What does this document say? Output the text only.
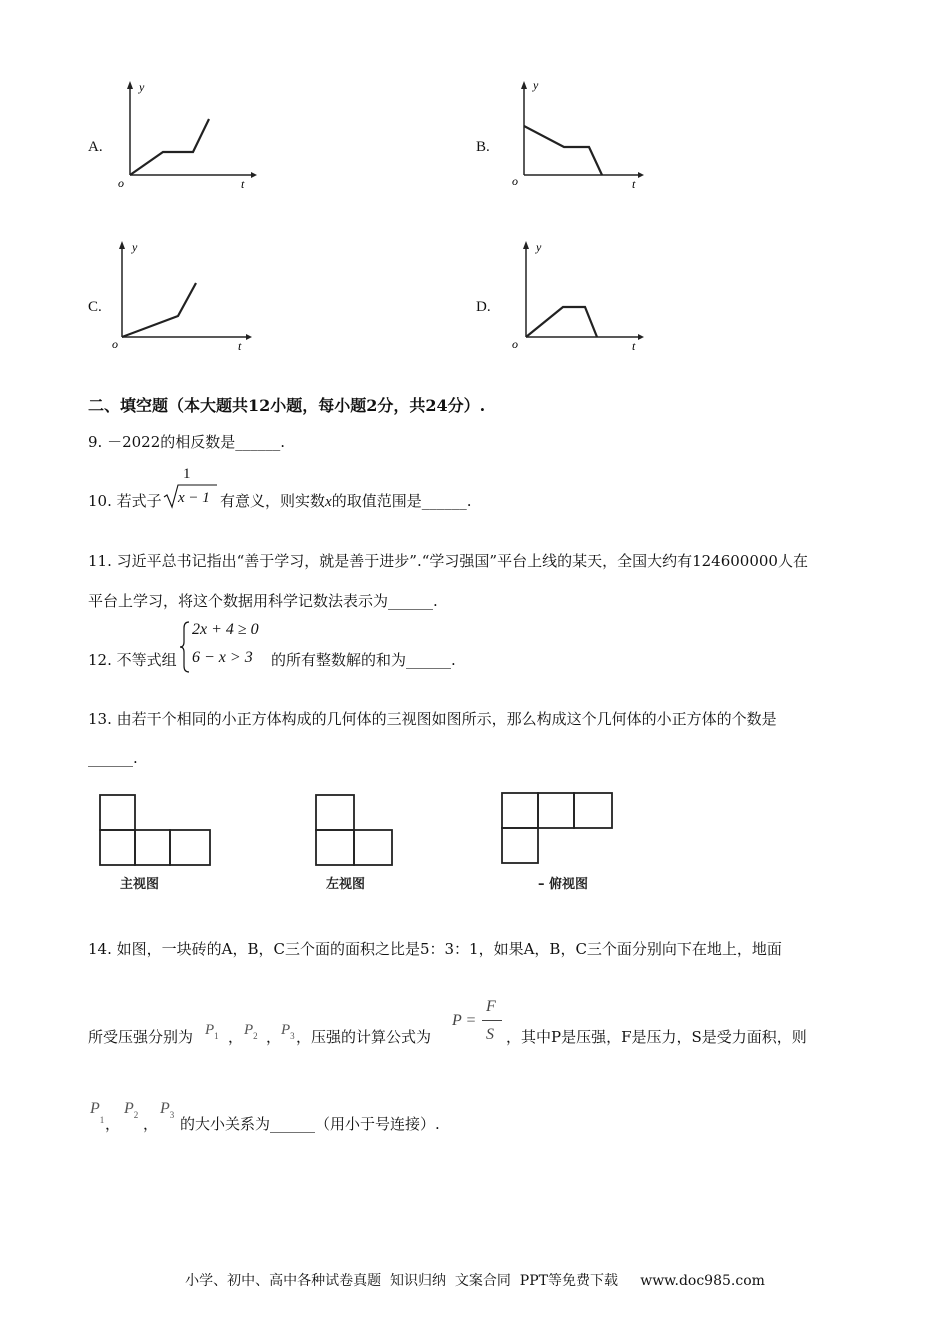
A.
y
t
o
B.
y
t
o
C.
y
t
o
D.
y
t
o
二、填空题（本大题共12小题，每小题2分，共24分）.
9. －2022的相反数是______.
10. 若式子
1
x − 1 有意义，则实数x的取值范围是______.
11. 习近平总书记指出“善于学习，就是善于进步”.“学习强国”平台上线的某天，全国大约有124600000人在
平台上学习，将这个数据用科学记数法表示为______.
12. 不等式组
2x + 4 ≥ 0
6 − x > 3 的所有整数解的和为______.
13. 由若干个相同的小正方体构成的几何体的三视图如图所示，那么构成这个几何体的小正方体的个数是
______.
主视图	左视图	– 俯视图
14. 如图，一块砖的A，B，C三个面的面积之比是5：3：1，如果A，B，C三个面分别向下在地上，地面
所受压强分别为 $P_1$ ， $P_2$ ， $P_3$ ，压强的计算公式为
P =
F
S ，其中P是压强，F是压力，S是受力面积，则
$P_1$ ，
$P_2$ ，
$P_3$ 的大小关系为______（用小于号连接）.
小学、初中、高中各种试卷真题  知识归纳  文案合同  PPT等免费下载     www.doc985.com
